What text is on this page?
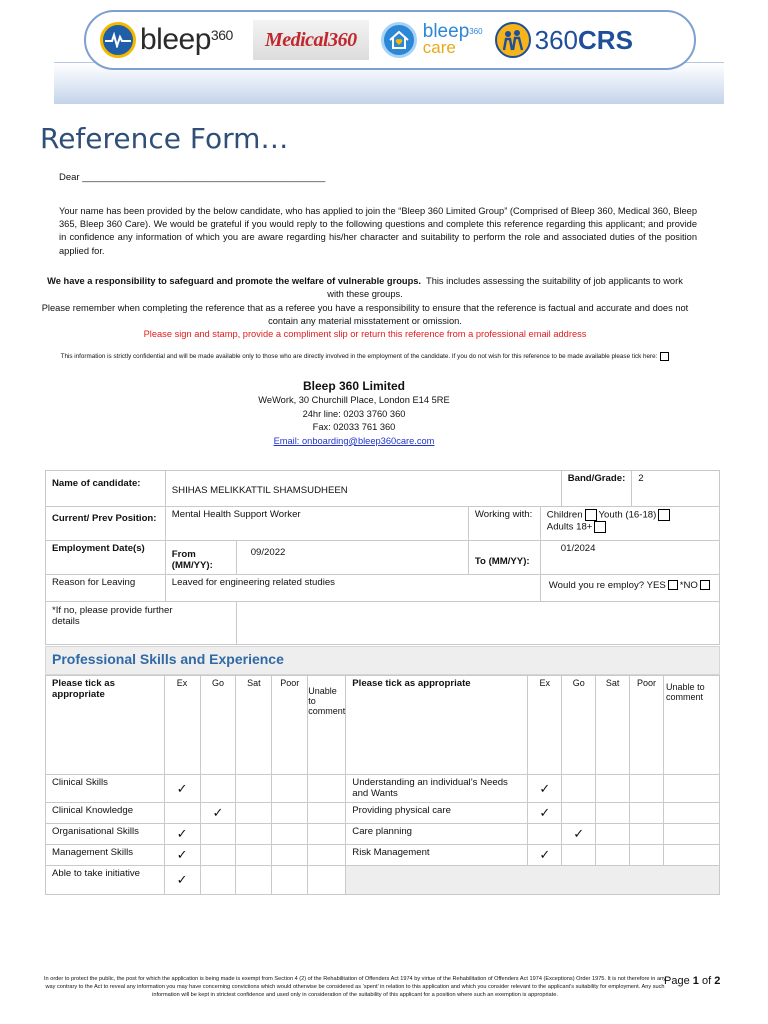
bleep$^{360}$ Medical360	bleep$^{360}$
care	360CRS
Reference Form…
Dear ______________________________________________

Your name has been provided by the below candidate, who has applied to join the “Bleep 360 Limited Group” (Comprised of Bleep 360, Medical 360, Bleep 365, Bleep 360 Care). We would be grateful if you would reply to the following questions and complete this reference regarding this applicant; and provide in confidence any information of which you are aware regarding his/her character and suitability to perform the role and associated duties of the position applied for.

We have a responsibility to safeguard and promote the welfare of vulnerable groups. This includes assessing the suitability of job applicants to work with these groups.
Please remember when completing the reference that as a referee you have a responsibility to ensure that the reference is factual and accurate and does not contain any material misstatement or omission.
Please sign and stamp, provide a compliment slip or return this reference from a professional email address
This information is strictly confidential and will be made available only to those who are directly involved in the employment of the candidate. If you do not wish for this reference to be made available please tick here:
Bleep 360 Limited
WeWork, 30 Churchill Place, London E14 5RE
24hr line: 0203 3760 360
Fax: 02033 761 360
Email: onboarding@bleep360care.com
Name of candidate:	SHIHAS MELIKKATTIL SHAMSUDHEEN				Band/Grade:	2
Current/ Prev Position:	Mental Health Support Worker		Working with:	Children Youth (16-18)
Adults 18+		
Employment Date(s)	From (MM/YY):	09/2022	To (MM/YY):	01/2024		
Reason for Leaving	Leaved for engineering related studies			Would you re employ? YES *NO		
*If no, please provide further details						
Professional Skills and Experience
Please tick as appropriate	Ex	Go	Sat	Poor	Unable to comment	Please tick as appropriate	Ex	Go	Sat	Poor	Unable to comment
Clinical Skills	✓					Understanding an individual’s Needs and Wants	✓				
Clinical Knowledge		✓				Providing physical care	✓				
Organisational Skills	✓					Care planning		✓			
Management Skills	✓					Risk Management	✓				
Able to take initiative	✓										
In order to protect the public, the post for which the application is being made is exempt from Section 4 (2) of the Rehabilitation of Offenders Act 1974 by virtue of the Rehabilitation of Offenders Act 1974 (Exceptions) Order 1975. It is not therefore in any way contrary to the Act to reveal any information you may have concerning convictions which would otherwise be considered as ‘spent’ in relation to this application and which you consider relevant to the applicant’s suitability for employment. Any such information will be kept in strictest confidence and used only in consideration of the suitability of this applicant for a position where such an exemption is appropriate.
Page 1 of 2
